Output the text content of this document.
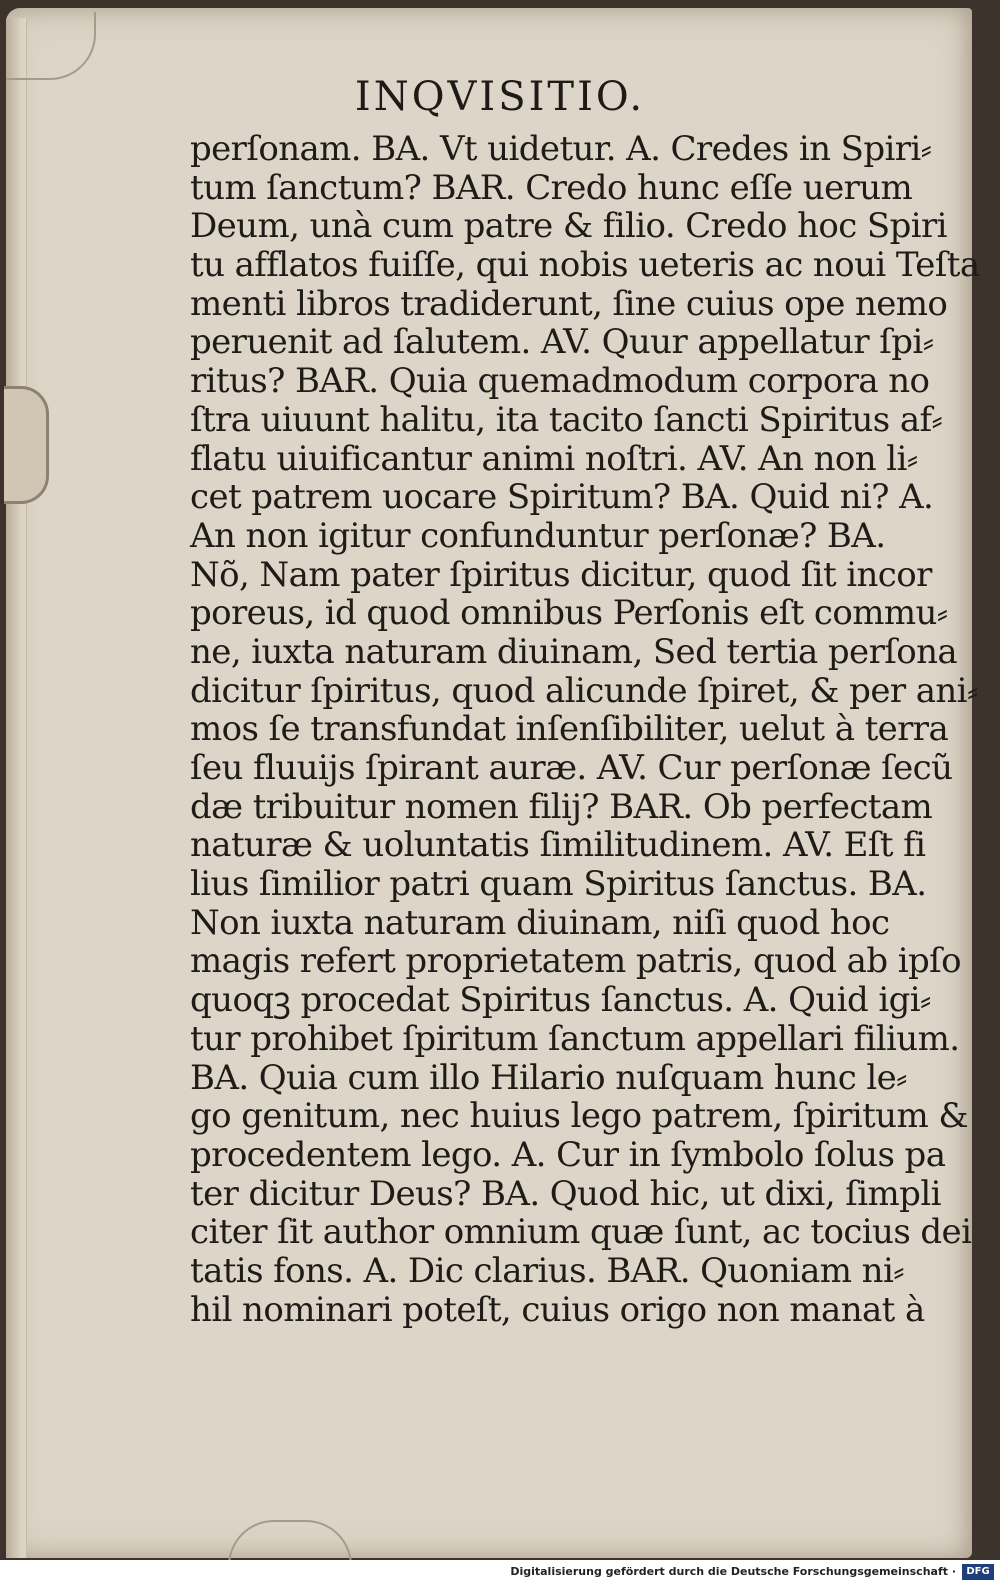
INQVISITIO.
perſonam. BA. Vt uidetur. A. Credes in Spiri⸗
tum ſanctum? BAR. Credo hunc eſſe uerum
Deum, unà cum patre & filio. Credo hoc Spiri
tu afflatos fuiſſe, qui nobis ueteris ac noui Teſta
menti libros tradiderunt, ſine cuius ope nemo
peruenit ad ſalutem. AV. Quur appellatur ſpi⸗
ritus? BAR. Quia quemadmodum corpora no
ſtra uiuunt halitu, ita tacito ſancti Spiritus af⸗
flatu uiuificantur animi noſtri. AV. An non li⸗
cet patrem uocare Spiritum? BA. Quid ni? A.
An non igitur confunduntur perſonæ? BA.
Nõ, Nam pater ſpiritus dicitur, quod ſit incor
poreus, id quod omnibus Perſonis eſt commu⸗
ne, iuxta naturam diuinam, Sed tertia perſona
dicitur ſpiritus, quod alicunde ſpiret, & per ani⸗
mos ſe transfundat inſenſibiliter, uelut à terra
ſeu fluuijs ſpirant auræ. AV. Cur perſonæ ſecũ
dæ tribuitur nomen filij? BAR. Ob perfectam
naturæ & uoluntatis ſimilitudinem. AV. Eſt fi
lius ſimilior patri quam Spiritus ſanctus. BA.
Non iuxta naturam diuinam, niſi quod hoc
magis refert proprietatem patris, quod ab ipſo
quoqꝫ procedat Spiritus ſanctus. A. Quid igi⸗
tur prohibet ſpiritum ſanctum appellari filium.
BA. Quia cum illo Hilario nuſquam hunc le⸗
go genitum, nec huius lego patrem, ſpiritum &
procedentem lego. A. Cur in ſymbolo ſolus pa
ter dicitur Deus? BA. Quod hic, ut dixi, ſimpli
citer ſit author omnium quæ ſunt, ac tocius dei
tatis fons. A. Dic clarius. BAR. Quoniam ni⸗
hil nominari poteſt, cuius origo non manat à
Digitalisierung gefördert durch die Deutsche Forschungsgemeinschaft ·	DFG
